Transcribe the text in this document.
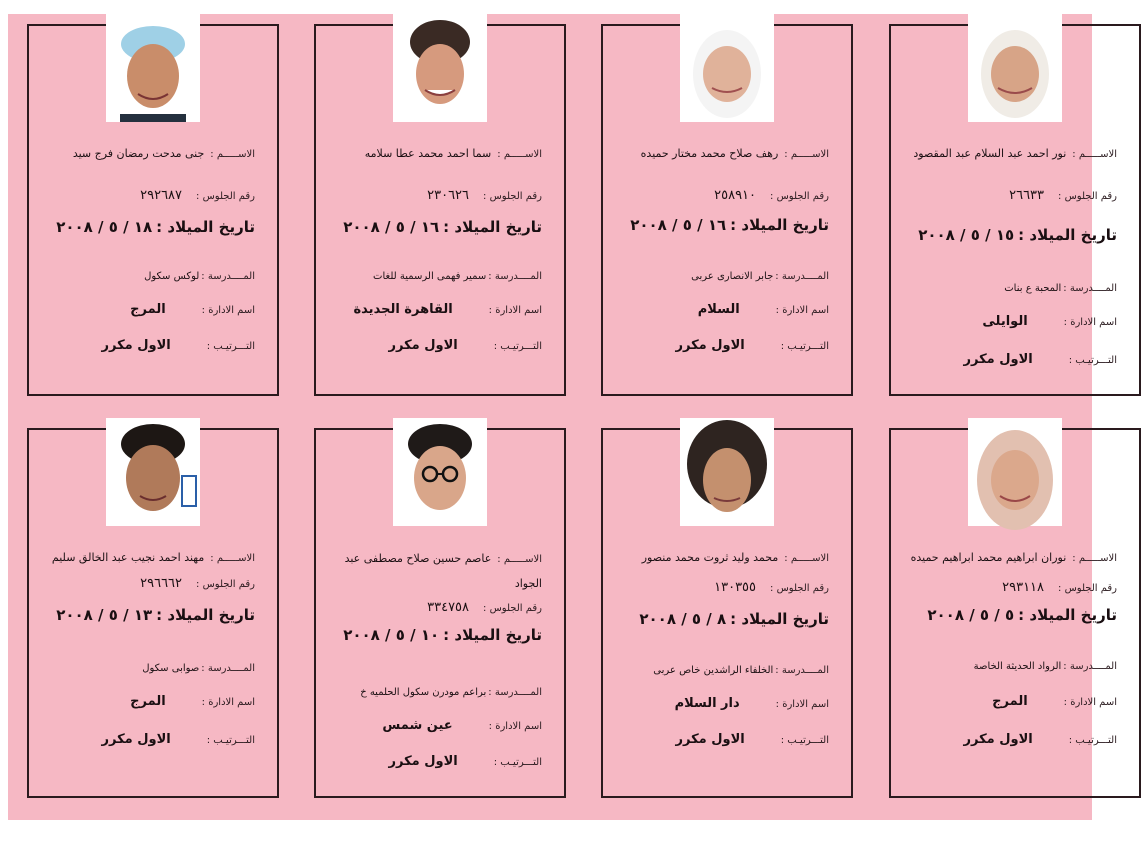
الاســـــم :نور احمد عبد السلام عبد المقصود
رقم الجلوس :٢٦٦٣٣
تاريخ الميلاد :١٥ / ٥ / ٢٠٠٨
المــــدرسة :المحبة ع بنات
اسم الادارة :الوايلى
التـــرتيـب :الاول مكرر
الاســـــم :رهف صلاح محمد مختار حميده
رقم الجلوس :٢٥٨٩١٠
تاريخ الميلاد :١٦ / ٥ / ٢٠٠٨
المــــدرسة :جابر الانصارى عربى
اسم الادارة :السلام
التـــرتيـب :الاول مكرر
الاســـــم :سما احمد محمد عطا سلامه
رقم الجلوس :٢٣٠٦٢٦
تاريخ الميلاد :١٦ / ٥ / ٢٠٠٨
المــــدرسة :سمير فهمى الرسمية للغات
اسم الادارة :القاهرة الجديدة
التـــرتيـب :الاول مكرر
الاســـــم :جنى مدحت رمضان فرج سيد
رقم الجلوس :٢٩٢٦٨٧
تاريخ الميلاد :١٨ / ٥ / ٢٠٠٨
المــــدرسة :لوكس سكول
اسم الادارة :المرج
التـــرتيـب :الاول مكرر
الاســـــم :نوران ابراهيم محمد ابراهيم حميده
رقم الجلوس :٢٩٣١١٨
تاريخ الميلاد :٥ / ٥ / ٢٠٠٨
المــــدرسة :الرواد الحديثة الخاصة
اسم الادارة :المرج
التـــرتيـب :الاول مكرر
الاســـــم :محمد وليد ثروت محمد منصور
رقم الجلوس :١٣٠٣٥٥
تاريخ الميلاد :٨ / ٥ / ٢٠٠٨
المــــدرسة :الخلفاء الراشدين خاص عربى
اسم الادارة :دار السلام
التـــرتيـب :الاول مكرر
الاســـــم :عاصم حسين صلاح مصطفى عبد الجواد
رقم الجلوس :٣٣٤٧٥٨
تاريخ الميلاد :١٠ / ٥ / ٢٠٠٨
المــــدرسة :براعم مودرن سكول الحلميه خ
اسم الادارة :عين شمس
التـــرتيـب :الاول مكرر
الاســـــم :مهند احمد نجيب عبد الخالق سليم
رقم الجلوس :٢٩٦٦٦٢
تاريخ الميلاد :١٣ / ٥ / ٢٠٠٨
المــــدرسة :صوابى سكول
اسم الادارة :المرج
التـــرتيـب :الاول مكرر
